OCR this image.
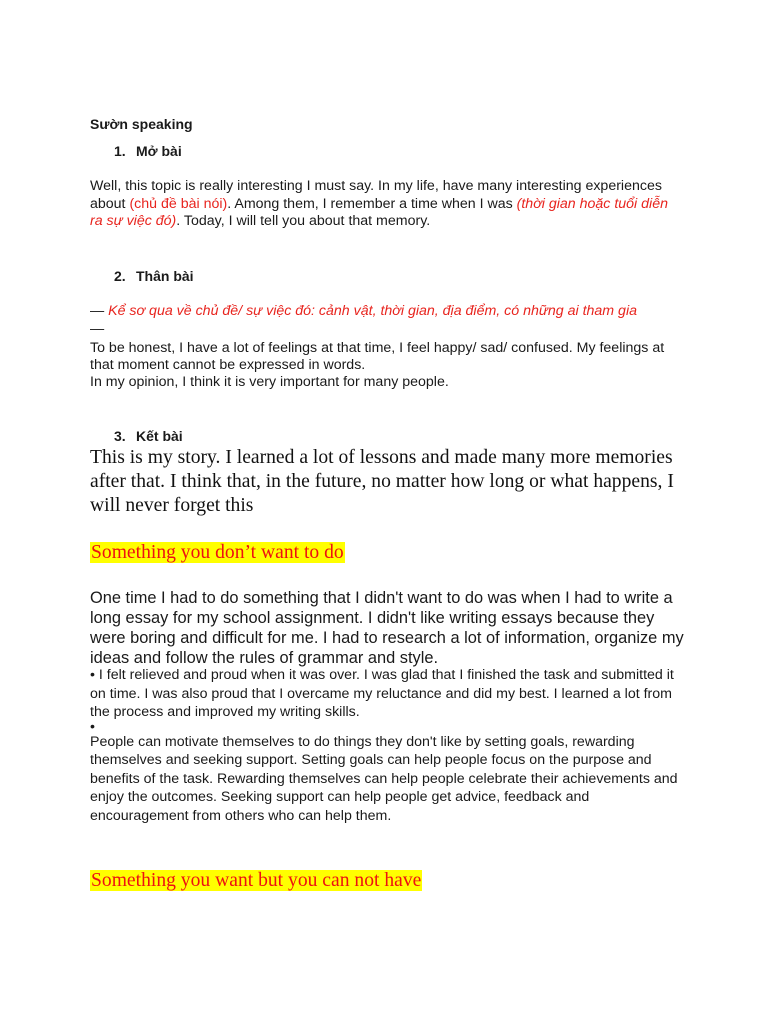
Sườn speaking
1. Mở bài
Well, this topic is really interesting I must say. In my life, have many interesting experiences about (chủ đề bài nói). Among them, I remember a time when I was (thời gian hoặc tuổi diễn ra sự việc đó). Today, I will tell you about that memory.
2. Thân bài
— Kể sơ qua về chủ đề/ sự việc đó: cảnh vật, thời gian, địa điểm, có những ai tham gia
—
To be honest, I have a lot of feelings at that time, I feel happy/ sad/ confused. My feelings at that moment cannot be expressed in words.
In my opinion, I think it is very important for many people.
3. Kết bài
This is my story. I learned a lot of lessons and made many more memories after that. I think that, in the future, no matter how long or what happens, I will never forget this
Something you don’t want to do
One time I had to do something that I didn't want to do was when I had to write a long essay for my school assignment. I didn't like writing essays because they were boring and difficult for me. I had to research a lot of information, organize my ideas and follow the rules of grammar and style.
• I felt relieved and proud when it was over. I was glad that I finished the task and submitted it on time. I was also proud that I overcame my reluctance and did my best. I learned a lot from the process and improved my writing skills.
•
People can motivate themselves to do things they don't like by setting goals, rewarding themselves and seeking support. Setting goals can help people focus on the purpose and benefits of the task. Rewarding themselves can help people celebrate their achievements and enjoy the outcomes. Seeking support can help people get advice, feedback and encouragement from others who can help them.
Something you want but you can not have
